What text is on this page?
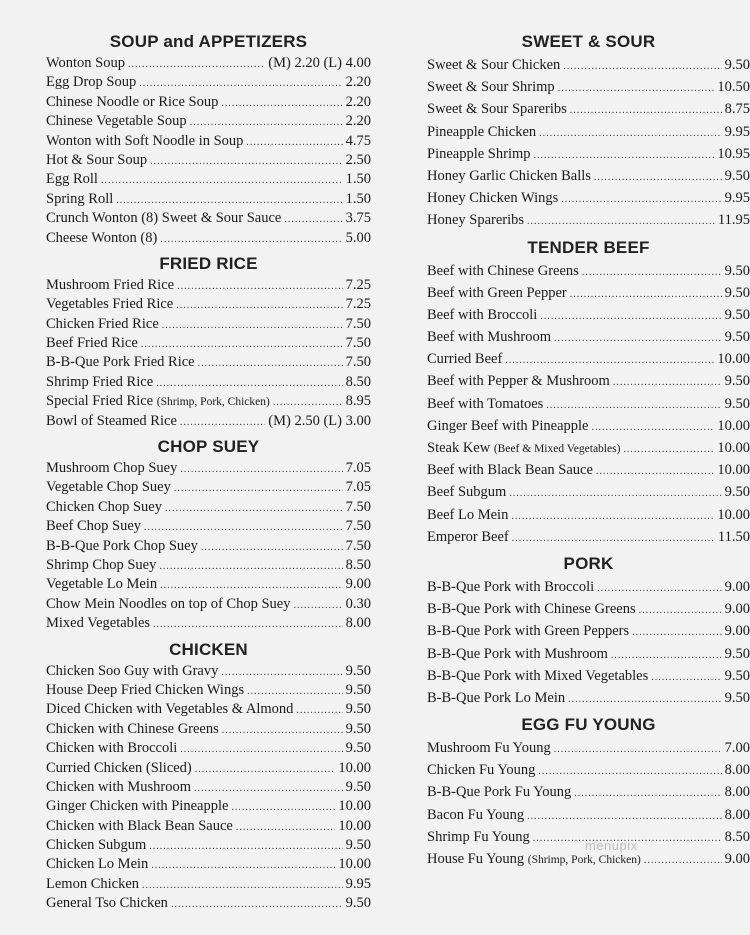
SOUP and APPETIZERS
Wonton Soup .....	(M) 2.20 (L) 4.00
Egg Drop Soup .....	2.20
Chinese Noodle or Rice Soup .....	2.20
Chinese Vegetable Soup .....	2.20
Wonton with Soft Noodle in Soup .....	4.75
Hot & Sour Soup .....	2.50
Egg Roll .....	1.50
Spring Roll .....	1.50
Crunch Wonton (8) Sweet & Sour Sauce .....	3.75
Cheese Wonton (8) .....	5.00
FRIED RICE
Mushroom Fried Rice .....	7.25
Vegetables Fried Rice .....	7.25
Chicken Fried Rice .....	7.50
Beef Fried Rice .....	7.50
B-B-Que Pork Fried Rice .....	7.50
Shrimp Fried Rice .....	8.50
Special Fried Rice (Shrimp, Pork, Chicken) .....	8.95
Bowl of Steamed Rice .....	(M) 2.50 (L) 3.00
CHOP SUEY
Mushroom Chop Suey .....	7.05
Vegetable Chop Suey .....	7.05
Chicken Chop Suey .....	7.50
Beef Chop Suey .....	7.50
B-B-Que Pork Chop Suey .....	7.50
Shrimp Chop Suey .....	8.50
Vegetable Lo Mein .....	9.00
Chow Mein Noodles on top of Chop Suey .....	0.30
Mixed Vegetables .....	8.00
CHICKEN
Chicken Soo Guy with Gravy .....	9.50
House Deep Fried Chicken Wings .....	9.50
Diced Chicken with Vegetables & Almond .....	9.50
Chicken with Chinese Greens .....	9.50
Chicken with Broccoli .....	9.50
Curried Chicken (Sliced) .....	10.00
Chicken with Mushroom .....	9.50
Ginger Chicken with Pineapple .....	10.00
Chicken with Black Bean Sauce .....	10.00
Chicken Subgum .....	9.50
Chicken Lo Mein .....	10.00
Lemon Chicken .....	9.95
General Tso Chicken .....	9.50
SWEET & SOUR
Sweet & Sour Chicken .....	9.50
Sweet & Sour Shrimp .....	10.50
Sweet & Sour Spareribs .....	8.75
Pineapple Chicken .....	9.95
Pineapple Shrimp .....	10.95
Honey Garlic Chicken Balls .....	9.50
Honey Chicken Wings .....	9.95
Honey Spareribs .....	11.95
TENDER BEEF
Beef with Chinese Greens .....	9.50
Beef with Green Pepper .....	9.50
Beef with Broccoli .....	9.50
Beef with Mushroom .....	9.50
Curried Beef .....	10.00
Beef with Pepper & Mushroom .....	9.50
Beef with Tomatoes .....	9.50
Ginger Beef with Pineapple .....	10.00
Steak Kew (Beef & Mixed Vegetables) .....	10.00
Beef with Black Bean Sauce .....	10.00
Beef Subgum .....	9.50
Beef Lo Mein .....	10.00
Emperor Beef .....	11.50
PORK
B-B-Que Pork with Broccoli .....	9.00
B-B-Que Pork with Chinese Greens .....	9.00
B-B-Que Pork with Green Peppers .....	9.00
B-B-Que Pork with Mushroom .....	9.50
B-B-Que Pork with Mixed Vegetables .....	9.50
B-B-Que Pork Lo Mein .....	9.50
EGG FU YOUNG
Mushroom Fu Young .....	7.00
Chicken Fu Young .....	8.00
B-B-Que Pork Fu Young .....	8.00
Bacon Fu Young .....	8.00
Shrimp Fu Young .....	8.50
House Fu Young (Shrimp, Pork, Chicken) .....	9.00
menupix
